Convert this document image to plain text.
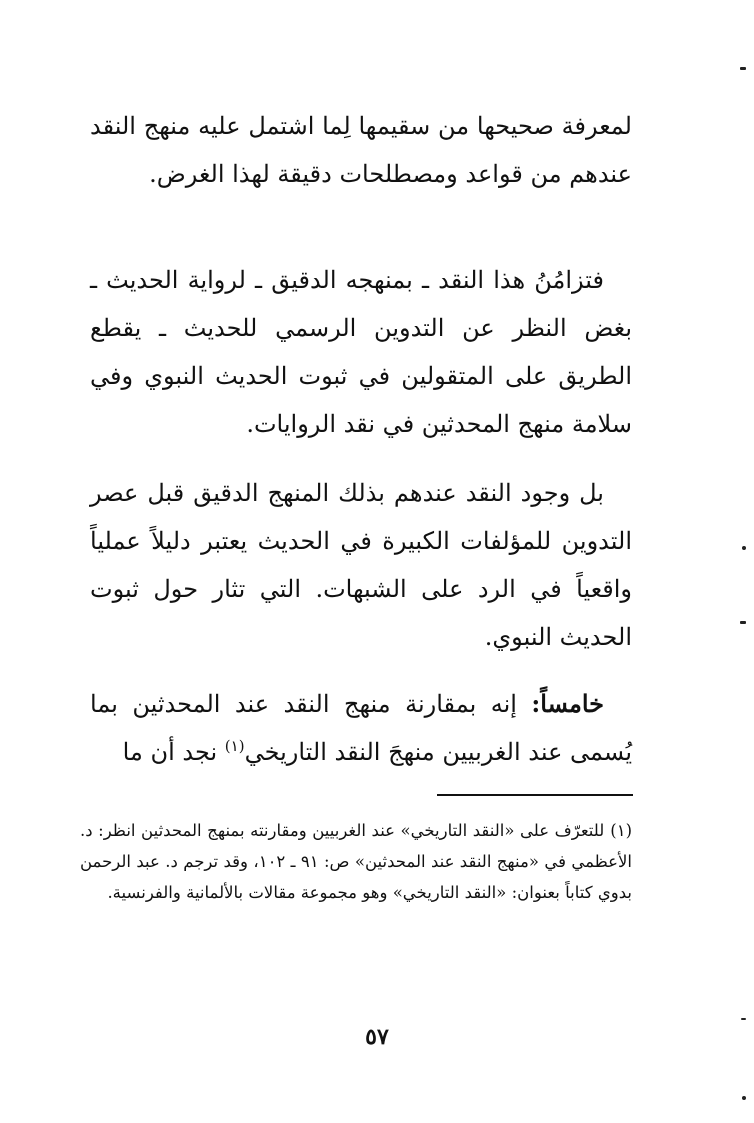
لمعرفة صحيحها من سقيمها لِما اشتمل عليه منهج النقد عندهم من قواعد ومصطلحات دقيقة لهذا الغرض.

فتزامُنُ هذا النقد ـ بمنهجه الدقيق ـ لرواية الحديث ـ بغض النظر عن التدوين الرسمي للحديث ـ يقطع الطريق على المتقولين في ثبوت الحديث النبوي وفي سلامة منهج المحدثين في نقد الروايات.

بل وجود النقد عندهم بذلك المنهج الدقيق قبل عصر التدوين للمؤلفات الكبيرة في الحديث يعتبر دليلاً عملياً واقعياً في الرد على الشبهات. التي تثار حول ثبوت الحديث النبوي.

خامساً: إنه بمقارنة منهج النقد عند المحدثين بما يُسمى عند الغربيين منهجَ النقد التاريخي$^{(١)}$ نجد أن ما

(١)للتعرّف على «النقد التاريخي» عند الغربيين ومقارنته بمنهج المحدثين انظر: د. الأعظمي في «منهج النقد عند المحدثين» ص: ٩١ ـ ١٠٢، وقد ترجم د. عبد الرحمن بدوي كتاباً بعنوان: «النقد التاريخي» وهو مجموعة مقالات بالألمانية والفرنسية.

٥٧
